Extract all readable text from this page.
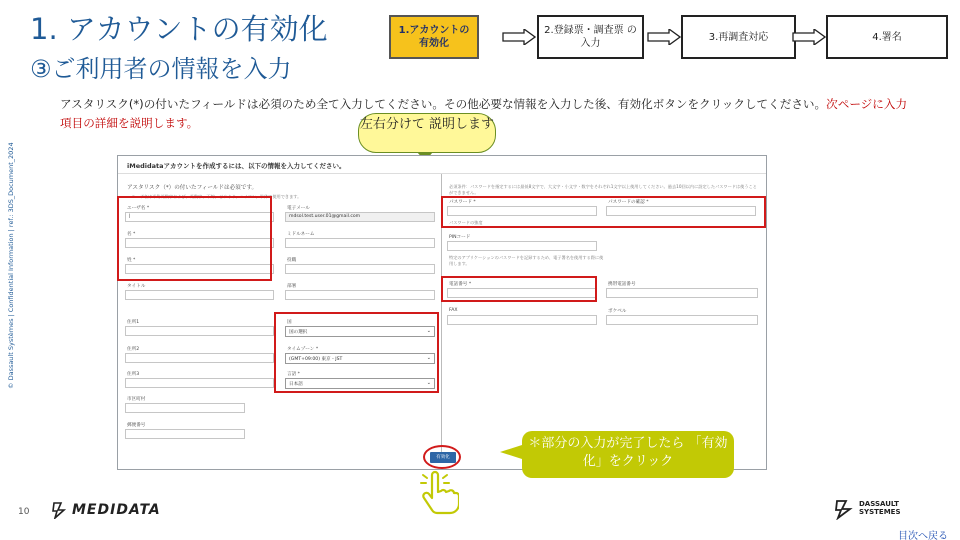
1. アカウントの有効化
③ご利用者の情報を入力
1.アカウントの 有効化
2.登録票・調査票 の入力
3.再調査対応	4.署名
アスタリスク(*)の付いたフィールドは必須のため全て入力してください。その他必要な情報を入力した後、有効化ボタンをクリックしてください。次ページに入力項目の詳細を説明します。	左右分けて 説明します
© Dassault Systèmes | Confidential Information | ref.: 3DS_Document_2024	iMedidataアカウントを作成するには、以下の情報を入力してください。
アスタリスク（*）の付いたフィールドは必須です。
・ユーザ名は半角英数字および、英数字、下線、ピリオド、ハイフン、単体で使用できます。
ユーザ名 *
|
電子メール
mdsol.test.user.01@gmail.com
名 *	ミドルネーム
姓 *	役職
タイトル	部署
住所1	国
国の選択	⌄
住所2	タイムゾーン *
(GMT+09:00) 東京 - JST	⌄
住所3	言語 *
日本語	⌄
市区町村
郵便番号
必須条件：パスワードを指定するには最低8文字で、大文字・小文字・数字をそれぞれ1文字以上使用してください。過去10回以内に設定したパスワードは使うことができません。
パスワード *	パスワードの確認 *
パスワードの強度
PINコード
特定のアプリケーションのパスワードを記録するため、電子署名を使用する際に使用します。
電話番号 *	携帯電話番号
FAX	ポケベル
有効化
＊部分の入力が完了したら 「有効化」をクリック
10	MEDIDATA	DASSAULT
SYSTEMES
目次へ戻る
